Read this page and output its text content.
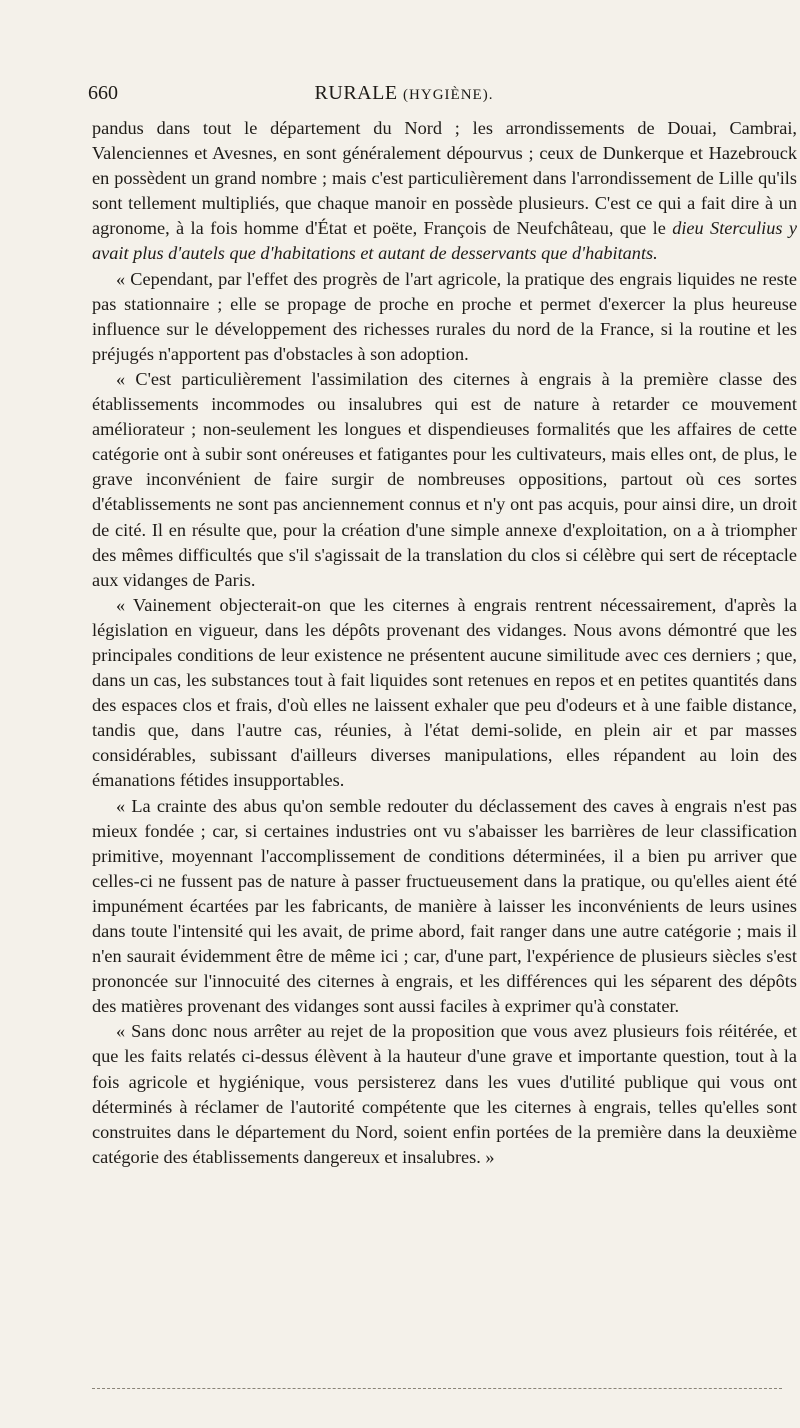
660	RURALE (HYGIÈNE).

pandus dans tout le département du Nord ; les arrondissements de Douai, Cambrai, Valenciennes et Avesnes, en sont généralement dépourvus ; ceux de Dunkerque et Hazebrouck en possèdent un grand nombre ; mais c'est particulièrement dans l'arrondissement de Lille qu'ils sont tellement multipliés, que chaque manoir en possède plusieurs. C'est ce qui a fait dire à un agronome, à la fois homme d'État et poëte, François de Neufchâteau, que le dieu Sterculius y avait plus d'autels que d'habitations et autant de desservants que d'habitants.

« Cependant, par l'effet des progrès de l'art agricole, la pratique des engrais liquides ne reste pas stationnaire ; elle se propage de proche en proche et permet d'exercer la plus heureuse influence sur le développement des richesses rurales du nord de la France, si la routine et les préjugés n'apportent pas d'obstacles à son adoption.

« C'est particulièrement l'assimilation des citernes à engrais à la première classe des établissements incommodes ou insalubres qui est de nature à retarder ce mouvement améliorateur ; non-seulement les longues et dispendieuses formalités que les affaires de cette catégorie ont à subir sont onéreuses et fatigantes pour les cultivateurs, mais elles ont, de plus, le grave inconvénient de faire surgir de nombreuses oppositions, partout où ces sortes d'établissements ne sont pas anciennement connus et n'y ont pas acquis, pour ainsi dire, un droit de cité. Il en résulte que, pour la création d'une simple annexe d'exploitation, on a à triompher des mêmes difficultés que s'il s'agissait de la translation du clos si célèbre qui sert de réceptacle aux vidanges de Paris.

« Vainement objecterait-on que les citernes à engrais rentrent nécessairement, d'après la législation en vigueur, dans les dépôts provenant des vidanges. Nous avons démontré que les principales conditions de leur existence ne présentent aucune similitude avec ces derniers ; que, dans un cas, les substances tout à fait liquides sont retenues en repos et en petites quantités dans des espaces clos et frais, d'où elles ne laissent exhaler que peu d'odeurs et à une faible distance, tandis que, dans l'autre cas, réunies, à l'état demi-solide, en plein air et par masses considérables, subissant d'ailleurs diverses manipulations, elles répandent au loin des émanations fétides insupportables.

« La crainte des abus qu'on semble redouter du déclassement des caves à engrais n'est pas mieux fondée ; car, si certaines industries ont vu s'abaisser les barrières de leur classification primitive, moyennant l'accomplissement de conditions déterminées, il a bien pu arriver que celles-ci ne fussent pas de nature à passer fructueusement dans la pratique, ou qu'elles aient été impunément écartées par les fabricants, de manière à laisser les inconvénients de leurs usines dans toute l'intensité qui les avait, de prime abord, fait ranger dans une autre catégorie ; mais il n'en saurait évidemment être de même ici ; car, d'une part, l'expérience de plusieurs siècles s'est prononcée sur l'innocuité des citernes à engrais, et les différences qui les séparent des dépôts des matières provenant des vidanges sont aussi faciles à exprimer qu'à constater.

« Sans donc nous arrêter au rejet de la proposition que vous avez plusieurs fois réitérée, et que les faits relatés ci-dessus élèvent à la hauteur d'une grave et importante question, tout à la fois agricole et hygiénique, vous persisterez dans les vues d'utilité publique qui vous ont déterminés à réclamer de l'autorité compétente que les citernes à engrais, telles qu'elles sont construites dans le département du Nord, soient enfin portées de la première dans la deuxième catégorie des établissements dangereux et insalubres. »
